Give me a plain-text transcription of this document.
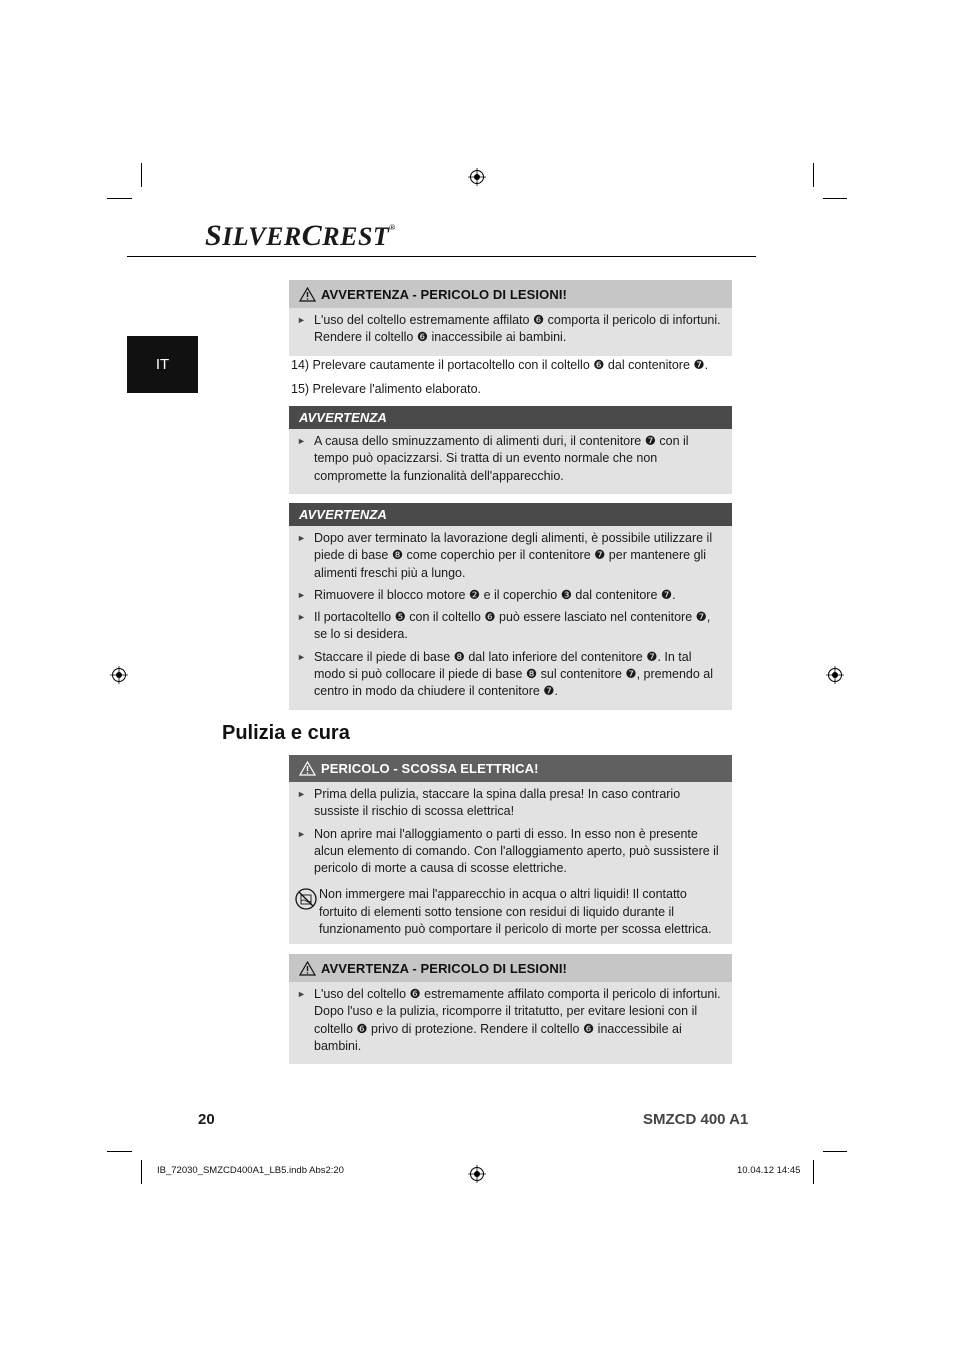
SILVERCREST®
IT
AVVERTENZA - PERICOLO DI LESIONI!
► L'uso del coltello estremamente affilato ❻ comporta il pericolo di infortuni. Rendere il coltello ❻ inaccessibile ai bambini.
14) Prelevare cautamente il portacoltello con il coltello ❻ dal contenitore ❼.
15) Prelevare l'alimento elaborato.
AVVERTENZA
► A causa dello sminuzzamento di alimenti duri, il contenitore ❼ con il tempo può opacizzarsi. Si tratta di un evento normale che non compromette la funzionalità dell'apparecchio.
AVVERTENZA
► Dopo aver terminato la lavorazione degli alimenti, è possibile utilizzare il piede di base ❽ come coperchio per il contenitore ❼ per mantenere gli alimenti freschi più a lungo.
► Rimuovere il blocco motore ❷ e il coperchio ❸ dal contenitore ❼.
► Il portacoltello ❺ con il coltello ❻ può essere lasciato nel contenitore ❼, se lo si desidera.
► Staccare il piede di base ❽ dal lato inferiore del contenitore ❼. In tal modo si può collocare il piede di base ❽ sul contenitore ❼, premendo al centro in modo da chiudere il contenitore ❼.
Pulizia e cura
PERICOLO - SCOSSA ELETTRICA!
► Prima della pulizia, staccare la spina dalla presa! In caso contrario sussiste il rischio di scossa elettrica!
► Non aprire mai l'alloggiamento o parti di esso. In esso non è presente alcun elemento di comando. Con l'alloggiamento aperto, può sussistere il pericolo di morte a causa di scosse elettriche.
Non immergere mai l'apparecchio in acqua o altri liquidi! Il contatto fortuito di elementi sotto tensione con residui di liquido durante il funzionamento può comportare il pericolo di morte per scossa elettrica.
AVVERTENZA - PERICOLO DI LESIONI!
► L'uso del coltello ❻ estremamente affilato comporta il pericolo di infortuni. Dopo l'uso e la pulizia, ricomporre il tritatutto, per evitare lesioni con il coltello ❻ privo di protezione. Rendere il coltello ❻ inaccessibile ai bambini.
20	SMZCD 400 A1
IB_72030_SMZCD400A1_LB5.indb Abs2:20	10.04.12 14:45
